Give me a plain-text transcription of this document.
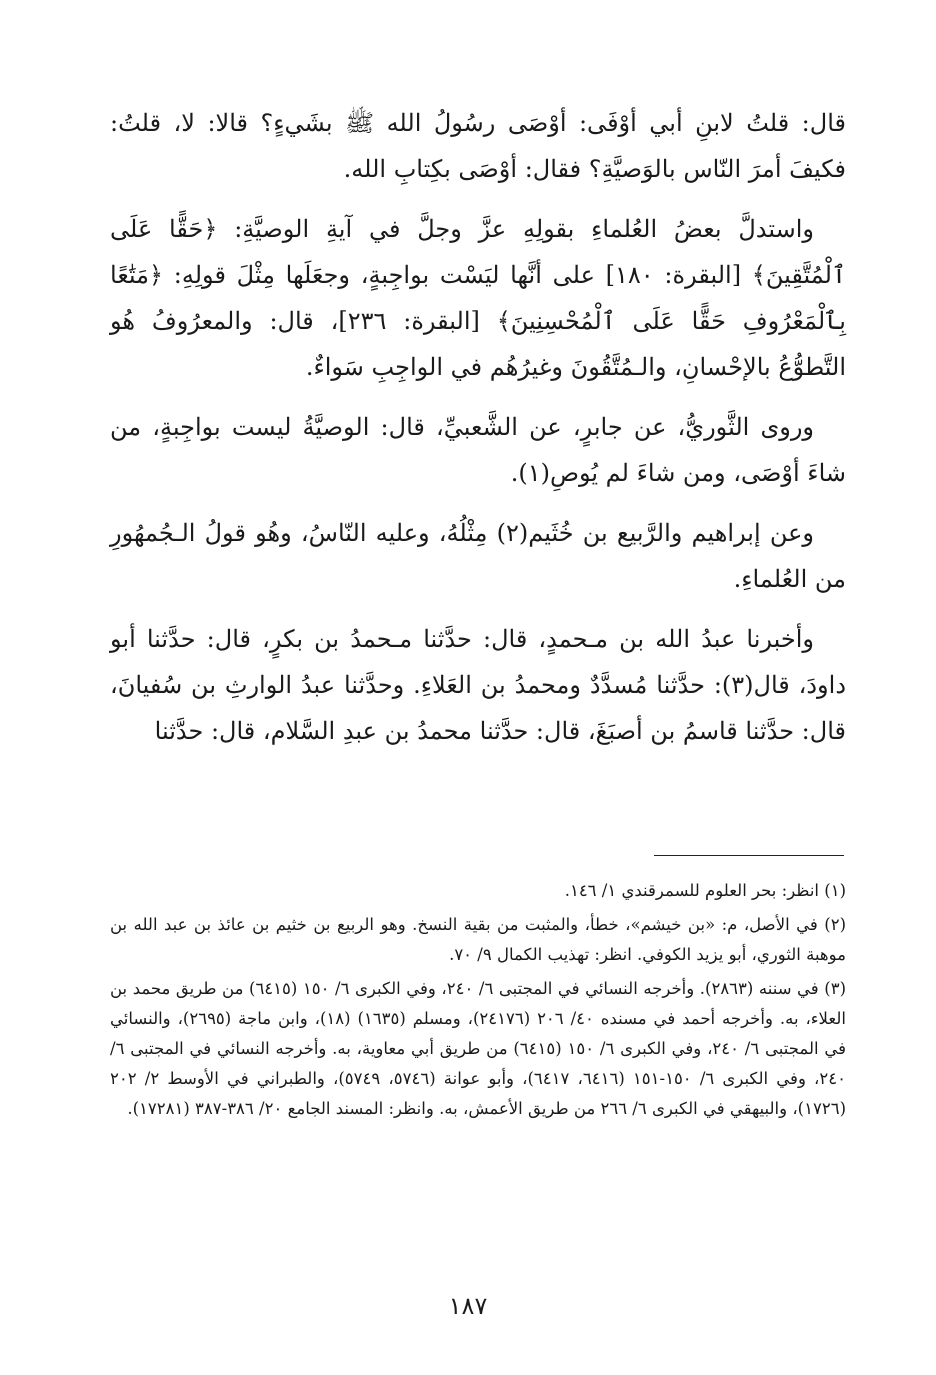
قال: قلتُ لابنِ أبي أوْفَى: أوْصَى رسُولُ الله ﷺ بشَيءٍ؟ قالا: لا، قلتُ: فكيفَ أمرَ النّاس بالوَصيَّةِ؟ فقال: أوْصَى بكِتابِ الله.

واستدلَّ بعضُ العُلماءِ بقولِهِ عزَّ وجلَّ في آيةِ الوصيَّةِ: ﴿حَقًّا عَلَى ٱلْمُتَّقِينَ﴾ [البقرة: ١٨٠] على أنَّها ليَسْت بواجِبةٍ، وجعَلَها مِثْلَ قولِهِ: ﴿مَتَٰعًا بِٱلْمَعْرُوفِ حَقًّا عَلَى ٱلْمُحْسِنِينَ﴾ [البقرة: ٢٣٦]، قال: والمعرُوفُ هُو التَّطوُّعُ بالإحْسانِ، والـمُتَّقُونَ وغيرُهُم في الواجِبِ سَواءٌ.

وروى الثَّوريُّ، عن جابرٍ، عن الشَّعبيِّ، قال: الوصيَّةُ ليست بواجِبةٍ، من شاءَ أوْصَى، ومن شاءَ لم يُوصِ(١).

وعن إبراهيم والرَّبيع بن خُثَيم(٢) مِثْلُهُ، وعليه النّاسُ، وهُو قولُ الـجُمهُورِ من العُلماءِ.

وأخبرنا عبدُ الله بن مـحمدٍ، قال: حدَّثنا مـحمدُ بن بكرٍ، قال: حدَّثنا أبو داودَ، قال(٣): حدَّثنا مُسدَّدٌ ومحمدُ بن العَلاءِ. وحدَّثنا عبدُ الوارثِ بن سُفيانَ، قال: حدَّثنا قاسمُ بن أصبَغَ، قال: حدَّثنا محمدُ بن عبدِ السَّلام، قال: حدَّثنا

(١) انظر: بحر العلوم للسمرقندي ١/ ١٤٦.

(٢) في الأصل، م: «بن خيشم»، خطأ، والمثبت من بقية النسخ. وهو الربيع بن خثيم بن عائذ بن عبد الله بن موهبة الثوري، أبو يزيد الكوفي. انظر: تهذيب الكمال ٩/ ٧٠.

(٣) في سننه (٢٨٦٣). وأخرجه النسائي في المجتبى ٦/ ٢٤٠، وفي الكبرى ٦/ ١٥٠ (٦٤١٥) من طريق محمد بن العلاء، به. وأخرجه أحمد في مسنده ٤٠/ ٢٠٦ (٢٤١٧٦)، ومسلم (١٦٣٥) (١٨)، وابن ماجة (٢٦٩٥)، والنسائي في المجتبى ٦/ ٢٤٠، وفي الكبرى ٦/ ١٥٠ (٦٤١٥) من طريق أبي معاوية، به. وأخرجه النسائي في المجتبى ٦/ ٢٤٠، وفي الكبرى ٦/ ١٥٠-١٥١ (٦٤١٦، ٦٤١٧)، وأبو عوانة (٥٧٤٦، ٥٧٤٩)، والطبراني في الأوسط ٢/ ٢٠٢ (١٧٢٦)، والبيهقي في الكبرى ٦/ ٢٦٦ من طريق الأعمش، به. وانظر: المسند الجامع ٢٠/ ٣٨٦-٣٨٧ (١٧٢٨١).

١٨٧
